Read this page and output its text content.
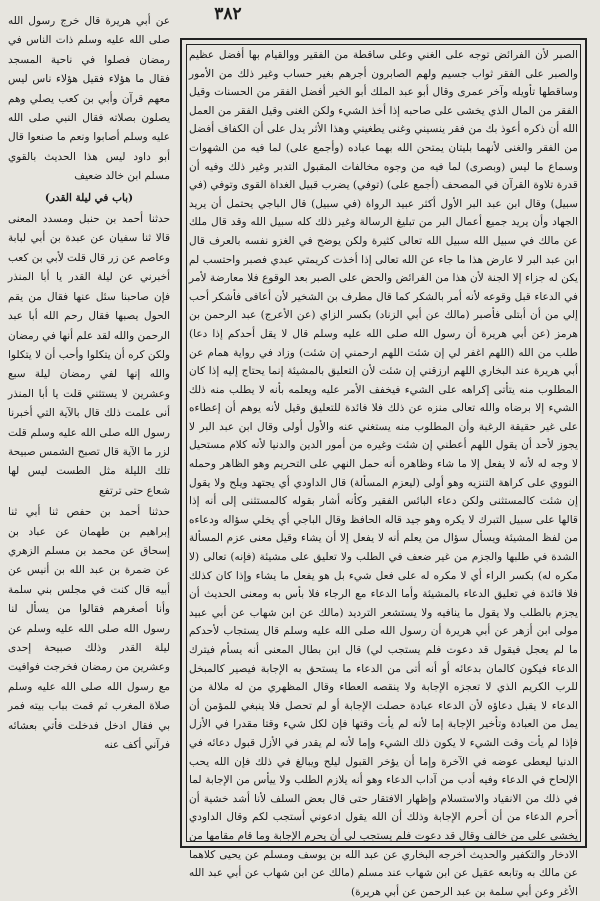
٣٨٢

الصبر لأن الفرائض توجه على الغني وعلى ساقطة من الفقير ووالقيام بها أفضل عظيم والصبر على الفقر ثواب جسيم ولهم الصابرون أجرهم بغير حساب وغير ذلك من الأمور وساقطها تأويله وآخر عمرى وقال أبو عبد الملك أبو الخير أفضل الفقر من الحسنات وقيل الفقر من المال الذي يخشى على صاحبه إذا أخذ الشيء ولكن الغنى وقيل الفقر من العمل الله أن ذكره أعوذ بك من فقر ينسيني وغنى يطغيني وهذا الأثر يدل على أن الكفاف أفضل من الفقر والغنى لأنهما بليتان يمتحن الله بهما عباده (وأجمع على) لما فيه من الشهوات وسماع ما ليس (وبصرى) لما فيه من وجوه مخالفات المقبول التدبر وغير ذلك وفيه أن قدرة تلاوة القرآن في المصحف (أجمع على) (توفي) يضرب قبيل الغداة القوى وتوفي (في سبيل) وقال ابن عبد البر الأول أكثر عبيد الرواة (في سبيل) قال الباجي يحتمل أن يريد الجهاد وأن يريد جميع أعمال البر من تبليغ الرسالة وغير ذلك كله سبيل الله وقد قال ملك عن مالك في سبيل الله سبيل الله تعالى كثيرة ولكن يوضح في الغزو نفسه بالعرف قال ابن عبد البر لا عارض هذا ما جاء عن الله تعالى إذا أخذت كريمتي عبدي فصبر واحتسب لم يكن له جزاء إلا الجنة لأن هذا من الفرائض والحض على الصبر بعد الوقوع فلا معارضة لأمر في الدعاء قبل وقوعه لأنه أمر بالشكر كما قال مطرف بن الشخير لأن أعافى فأشكر أحب إلي من أن أبتلى فأصبر (مالك عن أبي الزناد) بكسر الزاي (عن الأعرج) عبد الرحمن بن هرمز (عن أبي هريرة أن رسول الله صلى الله عليه وسلم قال لا يقل أحدكم إذا دعا) طلب من الله (اللهم اغفر لي إن شئت اللهم ارحمني إن شئت) وزاد في رواية همام عن أبي هريرة عند البخاري اللهم ارزقني إن شئت لأن التعليق بالمشيئة إنما يحتاج إليه إذا كان المطلوب منه يتأتى إكراهه على الشيء فيخفف الأمر عليه ويعلمه بأنه لا يطلب منه ذلك الشيء إلا برضاه والله تعالى منزه عن ذلك فلا فائدة للتعليق وقيل لأنه يوهم أن إعطاءه على غير حقيقة الرغبة وأن المطلوب منه يستغني عنه والأول أولى وقال ابن عبد البر لا يجوز لأحد أن يقول اللهم أعطني إن شئت وغيره من أمور الدين والدنيا لأنه كلام مستحيل لا وجه له لأنه لا يفعل إلا ما شاء وظاهره أنه حمل النهي على التحريم وهو الظاهر وحمله النووي على كراهة التنزيه وهو أولى (ليعزم المسألة) قال الداودي أي يجتهد ويلح ولا يقول إن شئت كالمستثنى ولكن دعاء البائس الفقير وكأنه أشار بقوله كالمستثنى إلى أنه إذا قالها على سبيل التبرك لا يكره وهو جيد قاله الحافظ وقال الباجي أي يخلي سؤاله ودعاءه من لفظ المشيئة ويسأل سؤال من يعلم أنه لا يفعل إلا أن يشاء وقيل معنى عزم المسألة الشدة في طلبها والجزم من غير ضعف في الطلب ولا تعليق على مشيئة (فإنه) تعالى (لا مكره له) بكسر الراء أي لا مكره له على فعل شيء بل هو يفعل ما يشاء وإذا كان كذلك فلا فائدة في تعليق الدعاء بالمشيئة وأما الدعاء مع الرجاء فلا بأس به ومعنى الحديث أن يجزم بالطلب ولا يقول ما ينافيه ولا يستشعر الترديد (مالك عن ابن شهاب عن أبي عبيد مولى ابن أزهر عن أبي هريرة أن رسول الله صلى الله عليه وسلم قال يستجاب لأحدكم ما لم يعجل فيقول قد دعوت فلم يستجب لي) قال ابن بطال المعنى أنه يسأم فيترك الدعاء فيكون كالمان بدعائه أو أنه أتى من الدعاء ما يستحق به الإجابة فيصير كالمبخل للرب الكريم الذي لا تعجزه الإجابة ولا ينقصه العطاء وقال المظهري من له ملالة من الدعاء لا يقبل دعاؤه لأن الدعاء عبادة حصلت الإجابة أو لم تحصل فلا ينبغي للمؤمن أن يمل من العبادة وتأخير الإجابة إما لأنه لم يأت وقتها فإن لكل شيء وقتا مقدرا في الأزل فإذا لم يأت وقت الشيء لا يكون ذلك الشيء وإما لأنه لم يقدر في الأزل قبول دعائه في الدنيا ليعطى عوضه في الآخرة وإما أن يؤخر القبول ليلح ويبالغ في ذلك فإن الله يحب الإلحاح في الدعاء وفيه أدب من آداب الدعاء وهو أنه يلازم الطلب ولا ييأس من الإجابة لما في ذلك من الانقياد والاستسلام وإظهار الافتقار حتى قال بعض السلف لأنا أشد خشية أن أحرم الدعاء من أن أحرم الإجابة وذلك أن الله يقول ادعوني أستجب لكم وقال الداودي يخشى على من خالف وقال قد دعوت فلم يستجب لي أن يحرم الإجابة وما قام مقامها من الادخار والتكفير والحديث أخرجه البخاري عن عبد الله بن يوسف ومسلم عن يحيى كلاهما عن مالك به وتابعه عقيل عن ابن شهاب عند مسلم (مالك عن ابن شهاب عن أبي عبد الله الأغر وعن أبي سلمة بن عبد الرحمن عن أبي هريرة)

عن أبي هريرة قال خرج رسول الله صلى الله عليه وسلم ذات الناس في رمضان فصلوا في ناحية المسجد فقال ما هؤلاء فقيل هؤلاء ناس ليس معهم قرآن وأبي بن كعب يصلي وهم يصلون بصلاته فقال النبي صلى الله عليه وسلم أصابوا ونعم ما صنعوا قال أبو داود ليس هذا الحديث بالقوي مسلم ابن خالد ضعيف

(باب في ليلة القدر)

حدثنا أحمد بن حنبل ومسدد المعنى قالا ثنا سفيان عن عبدة بن أبي لبابة وعاصم عن زر قال قلت لأبي بن كعب أخبرني عن ليلة القدر يا أبا المنذر فإن صاحبنا سئل عنها فقال من يقم الحول يصبها فقال رحم الله أبا عبد الرحمن والله لقد علم أنها في رمضان ولكن كره أن يتكلوا وأحب أن لا يتكلوا والله إنها لفي رمضان ليلة سبع وعشرين لا يستثني قلت يا أبا المنذر أنى علمت ذلك قال بالآية التي أخبرنا رسول الله صلى الله عليه وسلم قلت لزر ما الآية قال تصبح الشمس صبيحة تلك الليلة مثل الطست ليس لها شعاع حتى ترتفع

حدثنا أحمد بن حفص ثنا أبي ثنا إبراهيم بن طهمان عن عباد بن إسحاق عن محمد بن مسلم الزهري عن ضمرة بن عبد الله بن أنيس عن أبيه قال كنت في مجلس بني سلمة وأنا أصغرهم فقالوا من يسأل لنا رسول الله صلى الله عليه وسلم عن ليلة القدر وذلك صبيحة إحدى وعشرين من رمضان فخرجت فوافيت مع رسول الله صلى الله عليه وسلم صلاة المغرب ثم قمت بباب بيته فمر بي فقال ادخل فدخلت فأتي بعشائه فرآني أكف عنه
